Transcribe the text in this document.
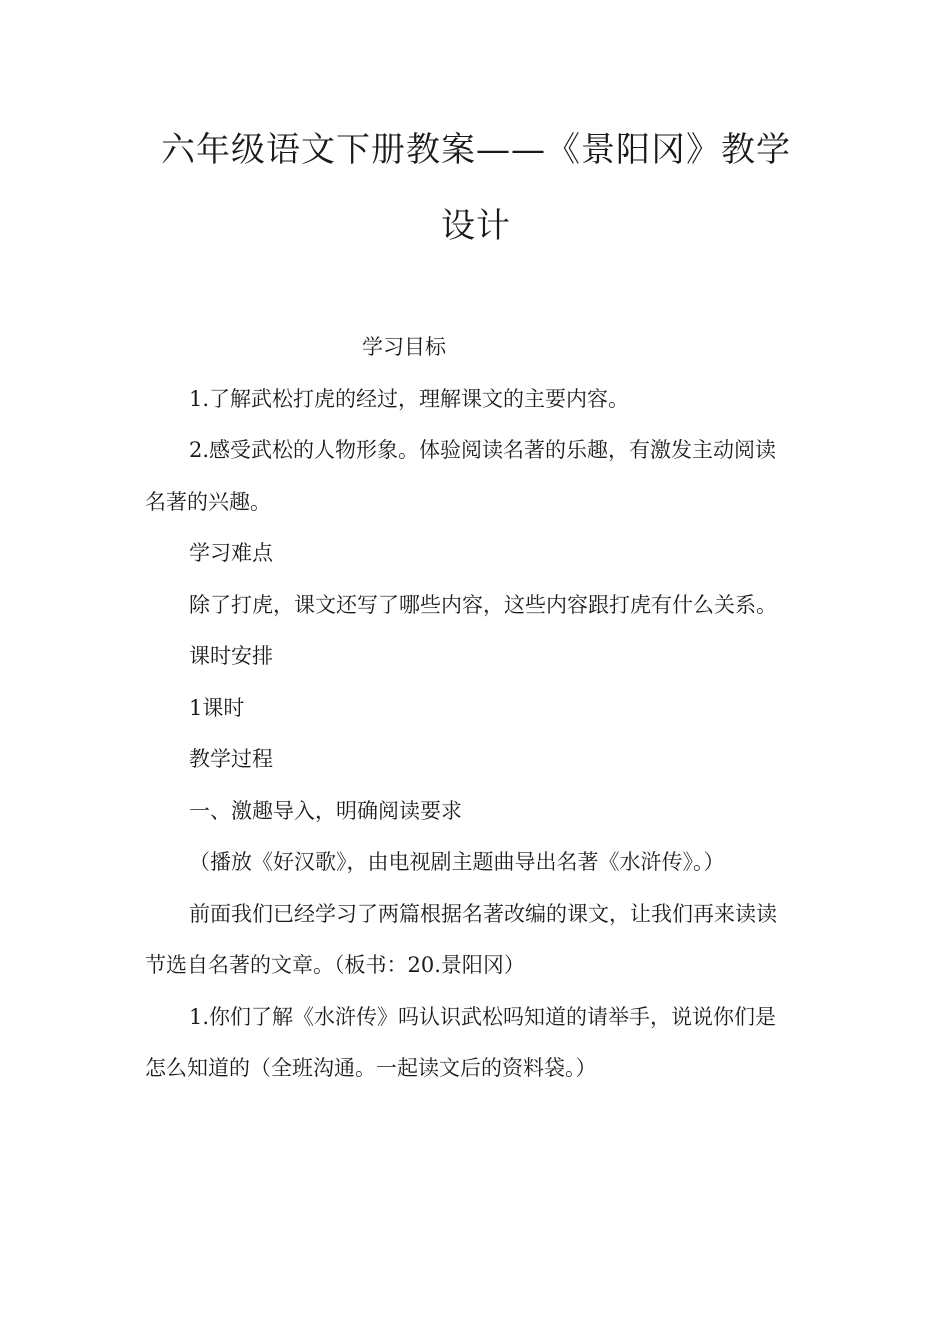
六年级语文下册教案——《景阳冈》教学设计

学习目标

1.了解武松打虎的经过，理解课文的主要内容。

2.感受武松的人物形象。体验阅读名著的乐趣，有激发主动阅读名著的兴趣。

学习难点

除了打虎，课文还写了哪些内容，这些内容跟打虎有什么关系。

课时安排

1课时

教学过程

一、激趣导入，明确阅读要求

（播放《好汉歌》，由电视剧主题曲导出名著《水浒传》。）

前面我们已经学习了两篇根据名著改编的课文，让我们再来读读节选自名著的文章。（板书：20.景阳冈）

1.你们了解《水浒传》吗认识武松吗知道的请举手，说说你们是怎么知道的（全班沟通。一起读文后的资料袋。）
